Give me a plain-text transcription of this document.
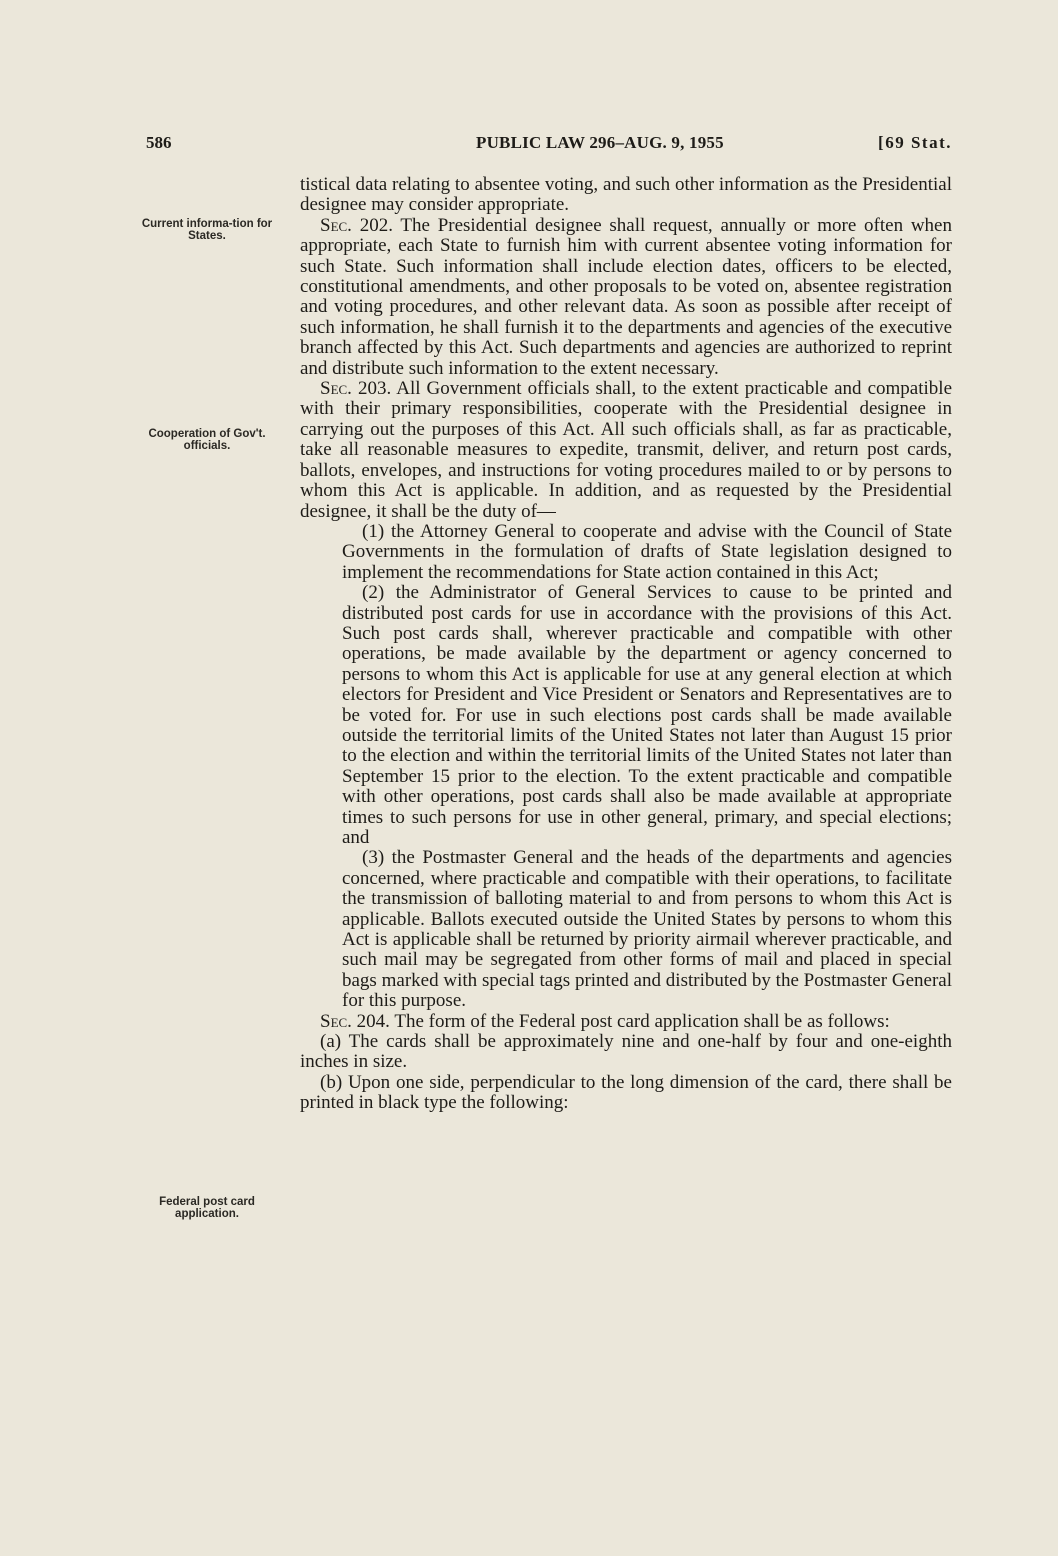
586	PUBLIC LAW 296–AUG. 9, 1955	[69 Stat.
Current informa-tion for States.
Cooperation of Gov't. officials.
Federal post card application.

tistical data relating to absentee voting, and such other information as the Presidential designee may consider appropriate.

Sec. 202. The Presidential designee shall request, annually or more often when appropriate, each State to furnish him with current absentee voting information for such State. Such information shall include election dates, officers to be elected, constitutional amendments, and other proposals to be voted on, absentee registration and voting procedures, and other relevant data. As soon as possible after receipt of such information, he shall furnish it to the departments and agencies of the executive branch affected by this Act. Such departments and agencies are authorized to reprint and distribute such information to the extent necessary.

Sec. 203. All Government officials shall, to the extent practicable and compatible with their primary responsibilities, cooperate with the Presidential designee in carrying out the purposes of this Act. All such officials shall, as far as practicable, take all reasonable measures to expedite, transmit, deliver, and return post cards, ballots, envelopes, and instructions for voting procedures mailed to or by persons to whom this Act is applicable. In addition, and as requested by the Presidential designee, it shall be the duty of—

(1) the Attorney General to cooperate and advise with the Council of State Governments in the formulation of drafts of State legislation designed to implement the recommendations for State action contained in this Act;

(2) the Administrator of General Services to cause to be printed and distributed post cards for use in accordance with the provisions of this Act. Such post cards shall, wherever practicable and compatible with other operations, be made available by the department or agency concerned to persons to whom this Act is applicable for use at any general election at which electors for President and Vice President or Senators and Representatives are to be voted for. For use in such elections post cards shall be made available outside the territorial limits of the United States not later than August 15 prior to the election and within the territorial limits of the United States not later than September 15 prior to the election. To the extent practicable and compatible with other operations, post cards shall also be made available at appropriate times to such persons for use in other general, primary, and special elections; and

(3) the Postmaster General and the heads of the departments and agencies concerned, where practicable and compatible with their operations, to facilitate the transmission of balloting material to and from persons to whom this Act is applicable. Ballots executed outside the United States by persons to whom this Act is applicable shall be returned by priority airmail wherever practicable, and such mail may be segregated from other forms of mail and placed in special bags marked with special tags printed and distributed by the Postmaster General for this purpose.

Sec. 204. The form of the Federal post card application shall be as follows:

(a) The cards shall be approximately nine and one-half by four and one-eighth inches in size.

(b) Upon one side, perpendicular to the long dimension of the card, there shall be printed in black type the following:
